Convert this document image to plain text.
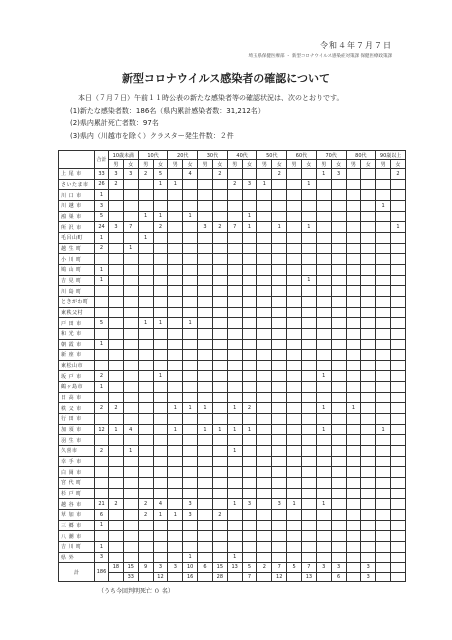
令和４年７月７日
埼玉県保健医療部 ・ 新型コロナウイルス感染症対策課 保健医療政策課
新型コロナウイルス感染者の確認について
本日（７月７日）午前１１時公表の新たな感染者等の確認状況は、次のとおりです。
(1)新たな感染者数：186名（県内累計感染者数：31,212名）
(2)県内累計死亡者数：97名
(3)県内（川越市を除く）クラスター発生件数：２件
	合計	10歳未満		10代		20代		30代		40代		50代		60代		70代		80代		90歳以上	
		男	女	男	女	男	女	男	女	男	女	男	女	男	女	男	女	男	女	男	女
上 尾 市	33	3	3	2	5		4		2				2			1	3				2
さいたま市	26	2			1	1				2	3	1			1						
川 口 市	1																				
川 越 市	3																			1	
鴻 巣 市	5			1	1		1				1										
所 沢 市	24	3	7		2			3	2	7	1		1		1						1
毛呂山町	1			1																	
越 生 町	2		1																		
小 川 町																					
鳩 山 町	1																				
吉 見 町	1														1						
川 島 町																					
ときがわ町																					
東秩父村																					
戸 田 市	5			1	1		1														
和 光 市																					
朝 霞 市	1																				
新 座 市																					
東松山市																					
坂 戸 市	2				1											1					
鶴ヶ島市	1																				
日 高 市																					
秩 父 市	2	2				1	1	1		1	2					1		1			
行 田 市																					
加 須 市	12	1	4			1		1	1	1	1					1				1	
羽 生 市																					
久喜市	2		1							1											
幸 手 市																					
白 岡 市																					
宮 代 町																					
杉 戸 町																					
越 谷 市	21	2		2	4		3			1	3		3	1		1					
草 加 市	6			2	1	1	3		2												
三 郷 市	1																				
八 潮 市																					
吉 川 町	1																				
県 外	3						1			1											
計	186	18	15	9	3	3	10	6	15	13	5	2	7	5	7	3	3		3		
			33		12		16		28		7		12		13		6		3		
（うち今回判明死亡 ０ 名）
